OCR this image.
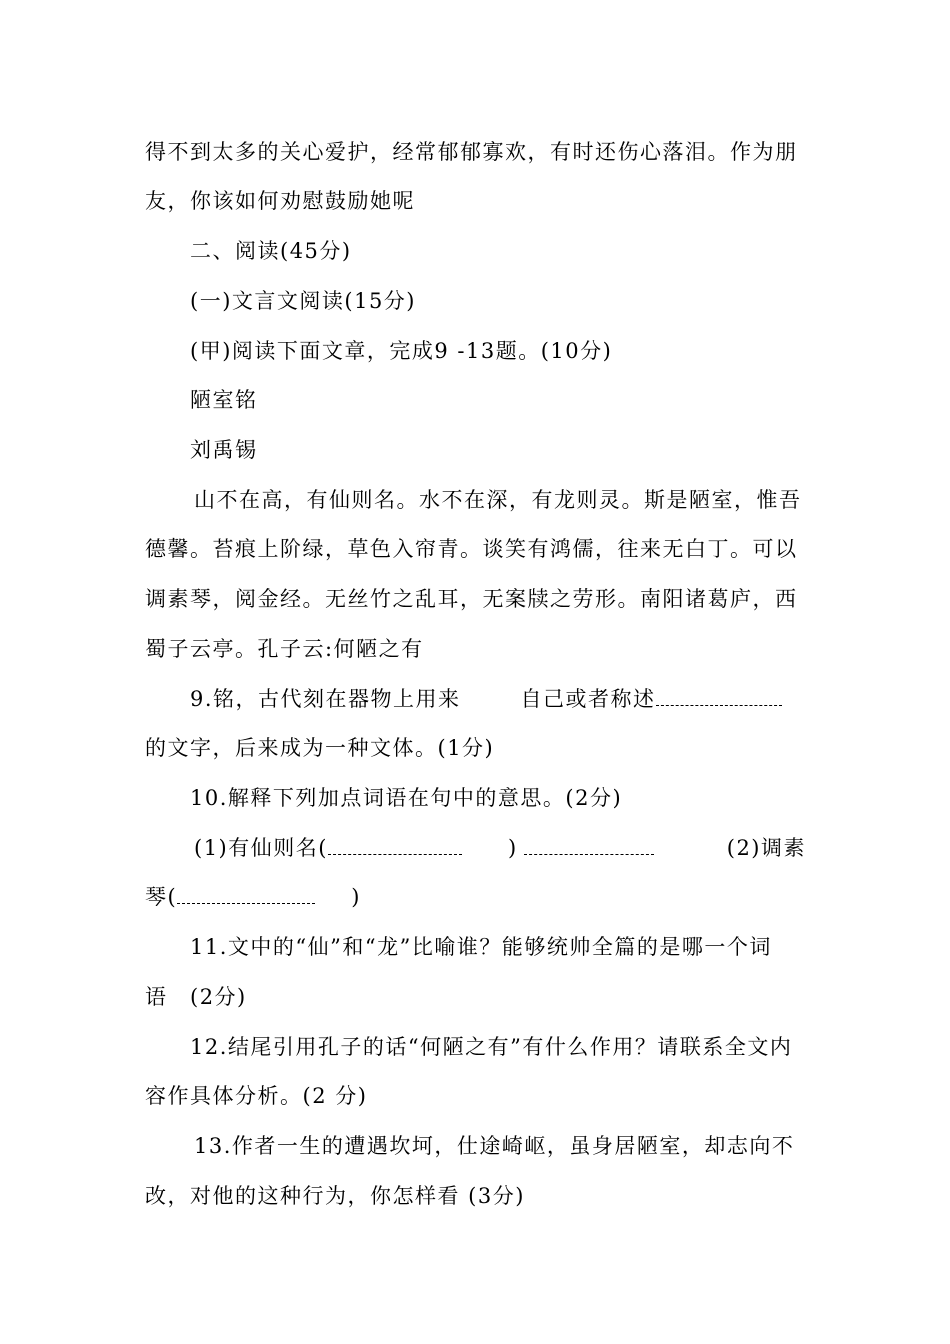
得不到太多的关心爱护，经常郁郁寡欢，有时还伤心落泪。作为朋
友，你该如何劝慰鼓励她呢
二、阅读(45分)
(一)文言文阅读(15分)
(甲)阅读下面文章，完成9 -13题。(10分)
陋室铭
刘禹锡
山不在高，有仙则名。水不在深，有龙则灵。斯是陋室，惟吾
德馨。苔痕上阶绿，草色入帘青。谈笑有鸿儒，往来无白丁。可以
调素琴，阅金经。无丝竹之乱耳，无案牍之劳形。南阳诸葛庐，西
蜀子云亭。孔子云:何陋之有
9.铭，古代刻在器物上用来	自己或者称述
的文字，后来成为一种文体。(1分)
10.解释下列加点词语在句中的意思。(2分)
(1)有仙则名(	)	(2)调素
琴(	)
11.文中的“仙”和“龙”比喻谁？能够统帅全篇的是哪一个词
语　(2分)
12.结尾引用孔子的话“何陋之有”有什么作用？请联系全文内
容作具体分析。(2 分)
13.作者一生的遭遇坎坷，仕途崎岖，虽身居陋室，却志向不
改，对他的这种行为，你怎样看 (3分)
